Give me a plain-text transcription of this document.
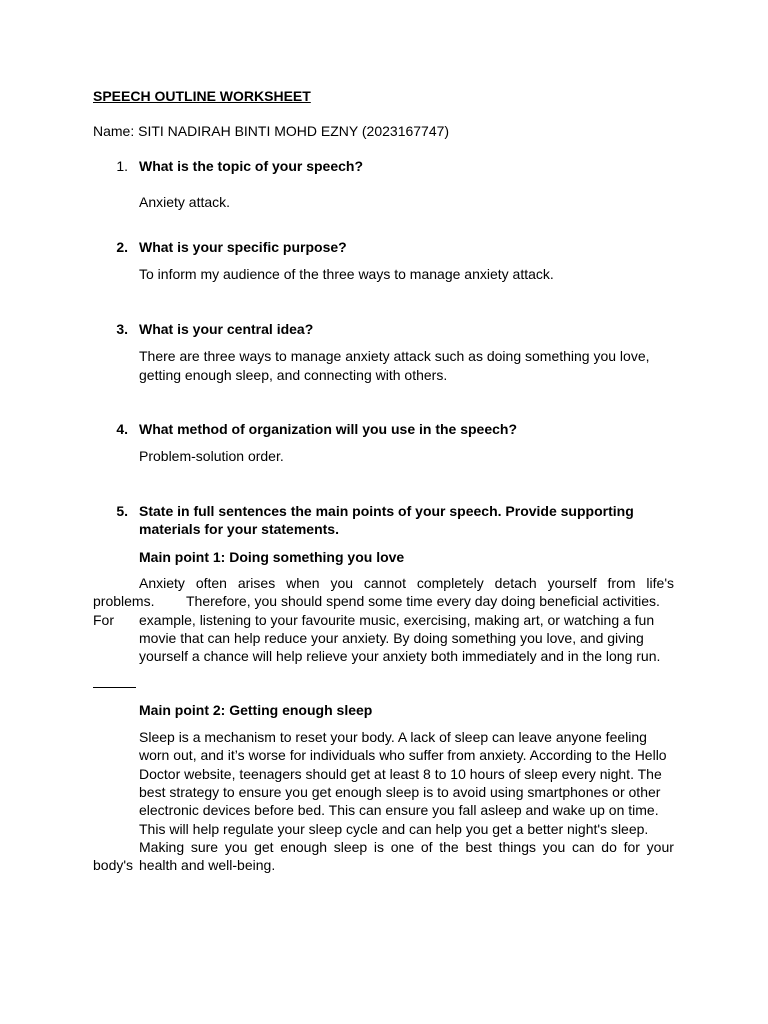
SPEECH OUTLINE WORKSHEET
Name: SITI NADIRAH BINTI MOHD EZNY (2023167747)
1. What is the topic of your speech?
Anxiety attack.
2. What is your specific purpose?
To inform my audience of the three ways to manage anxiety attack.
3. What is your central idea?
There are three ways to manage anxiety attack such as doing something you love,
getting enough sleep, and connecting with others.
4. What method of organization will you use in the speech?
Problem-solution order.
5. State in full sentences the main points of your speech. Provide supporting
materials for your statements.
Main point 1: Doing something you love
Anxiety often arises when you cannot completely detach yourself from life's
problems. Therefore, you should spend some time every day doing beneficial activities.
For example, listening to your favourite music, exercising, making art, or watching a fun
movie that can help reduce your anxiety. By doing something you love, and giving
yourself a chance will help relieve your anxiety both immediately and in the long run.
Main point 2: Getting enough sleep
Sleep is a mechanism to reset your body. A lack of sleep can leave anyone feeling
worn out, and it’s worse for individuals who suffer from anxiety. According to the Hello
Doctor website, teenagers should get at least 8 to 10 hours of sleep every night. The
best strategy to ensure you get enough sleep is to avoid using smartphones or other
electronic devices before bed. This can ensure you fall asleep and wake up on time.
This will help regulate your sleep cycle and can help you get a better night's sleep.
Making sure you get enough sleep is one of the best things you can do for your
body's health and well-being.
